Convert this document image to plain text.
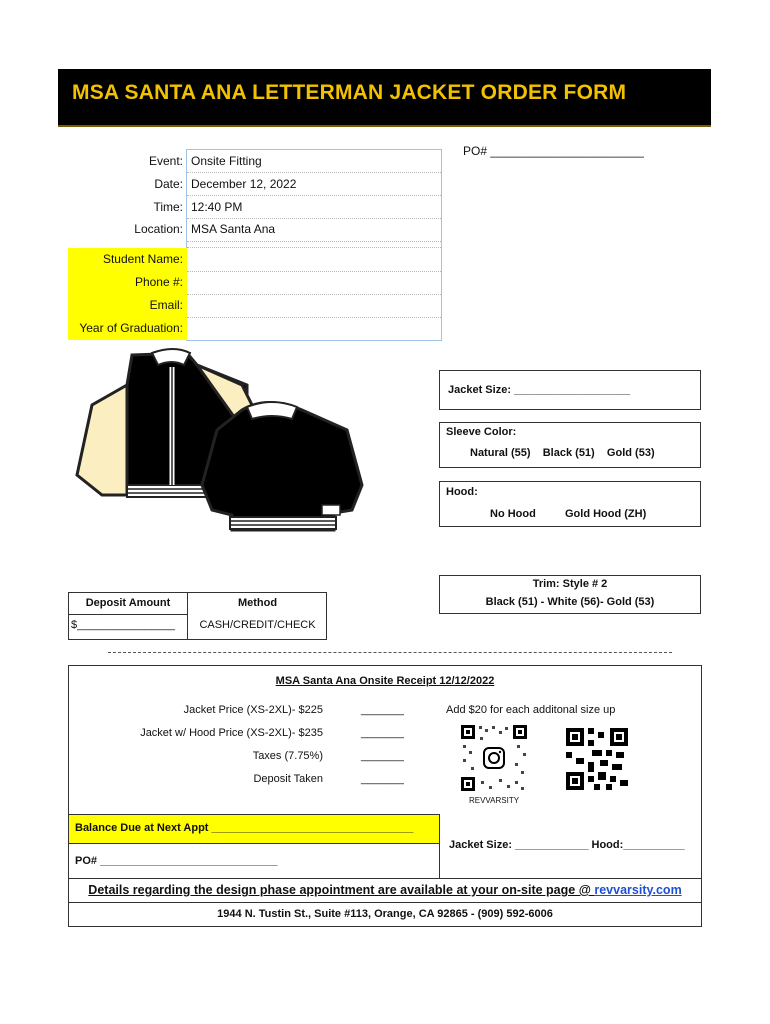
MSA SANTA ANA LETTERMAN JACKET ORDER FORM
PO# _______________________
Event: Onsite Fitting
Date: December 12, 2022
Time: 12:40 PM
Location: MSA Santa Ana
Student Name:
Phone #:
Email:
Year of Graduation:
Jacket Size: ___________________
Sleeve Color:
Natural (55)    Black (51)    Gold (53)
Hood:
No Hood	Gold Hood (ZH)
Trim: Style # 2
Black (51) - White (56)- Gold (53)
Deposit Amount	Method
$________________	CASH/CREDIT/CHECK
MSA Santa Ana Onsite Receipt 12/12/2022
Jacket Price (XS-2XL)- $225	_______
Jacket w/ Hood Price (XS-2XL)- $235	_______
Taxes (7.75%)	_______
Deposit Taken	_______
Add $20 for each additonal size up
REVVARSITY
Balance Due at Next Appt _________________________________
PO# _____________________________
Jacket Size: ____________ Hood:__________
Details regarding the design phase appointment are available at your on-site page @ revvarsity.com
1944 N. Tustin St., Suite #113, Orange, CA 92865 - (909) 592-6006
